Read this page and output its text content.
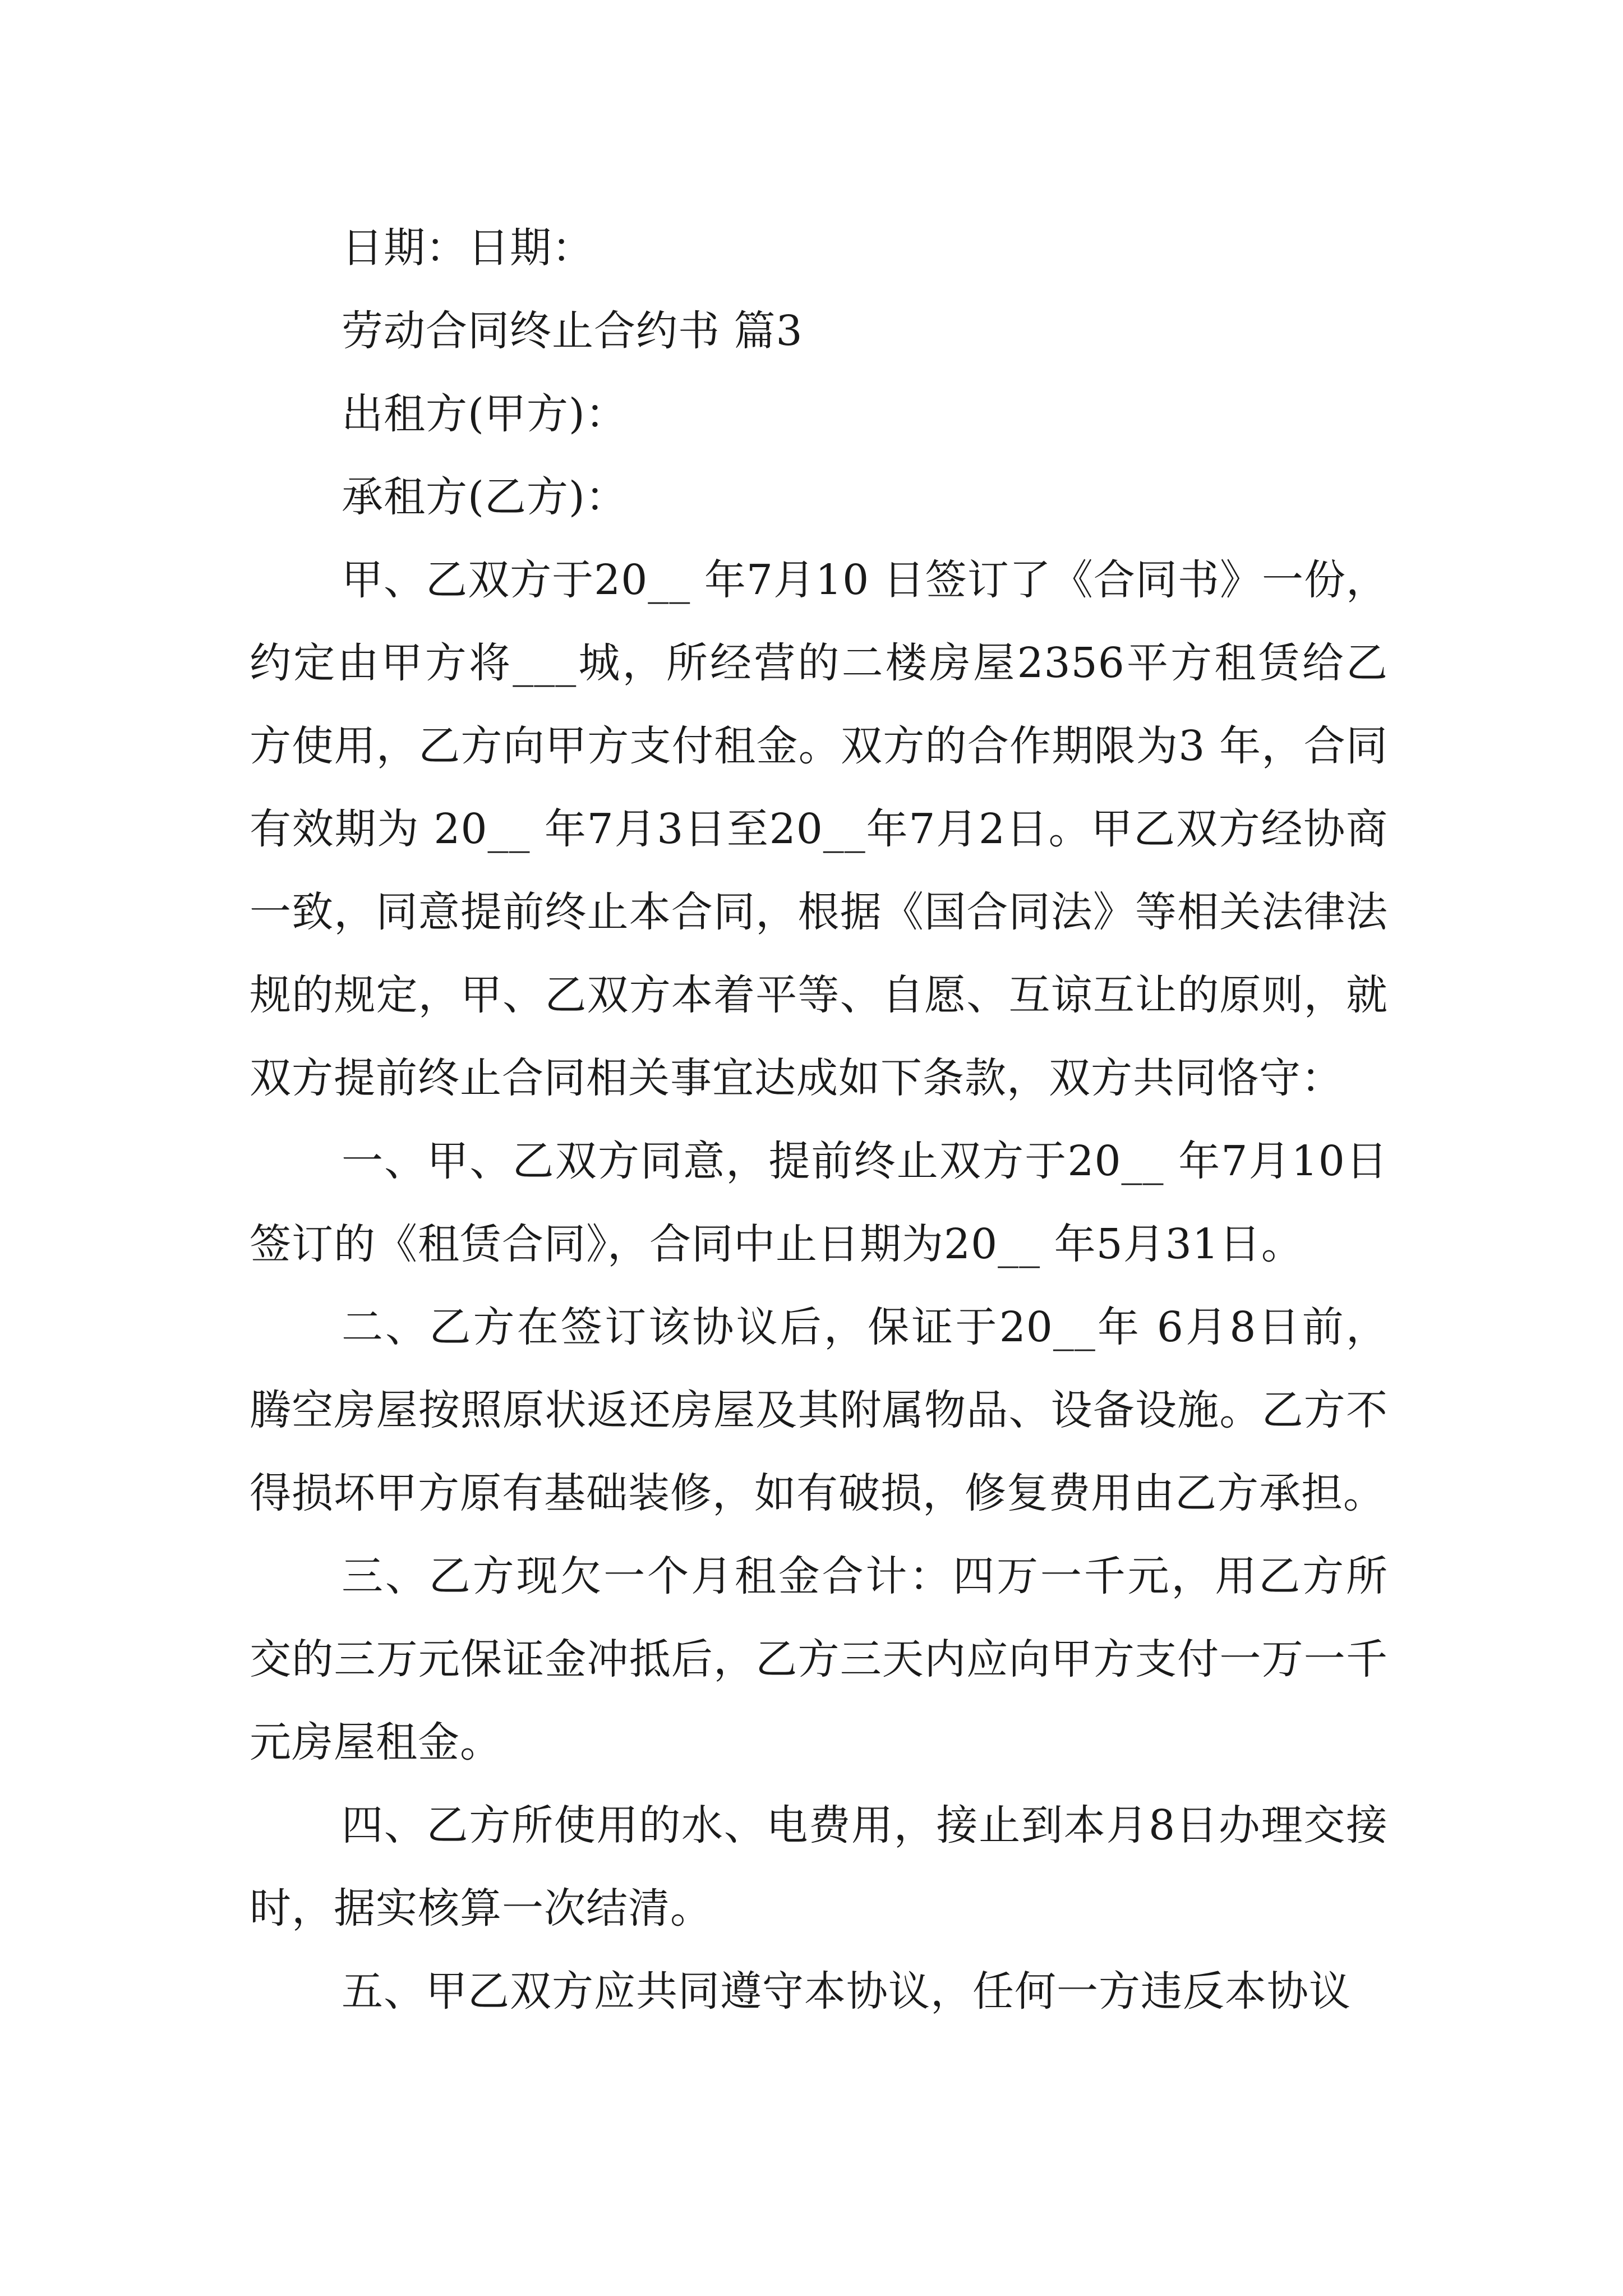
日期：日期：
劳动合同终止合约书 篇3
出租方(甲方)：
承租方(乙方)：

甲、乙双方于20__ 年7月10 日签订了《合同书》一份，约定由甲方将___城，所经营的二楼房屋2356平方租赁给乙方使用，乙方向甲方支付租金。双方的合作期限为3 年，合同有效期为 20__ 年7月3日至20__年7月2日。甲乙双方经协商一致，同意提前终止本合同，根据《国合同法》等相关法律法规的规定，甲、乙双方本着平等、自愿、互谅互让的原则，就双方提前终止合同相关事宜达成如下条款，双方共同恪守：

一、甲、乙双方同意，提前终止双方于20__ 年7月10日签订的《租赁合同》，合同中止日期为20__ 年5月31日。

二、乙方在签订该协议后，保证于20__年 6月8日前，腾空房屋按照原状返还房屋及其附属物品、设备设施。乙方不得损坏甲方原有基础装修，如有破损，修复费用由乙方承担。

三、乙方现欠一个月租金合计：四万一千元，用乙方所交的三万元保证金冲抵后，乙方三天内应向甲方支付一万一千元房屋租金。

四、乙方所使用的水、电费用，接止到本月8日办理交接时，据实核算一次结清。

五、甲乙双方应共同遵守本协议，任何一方违反本协议
